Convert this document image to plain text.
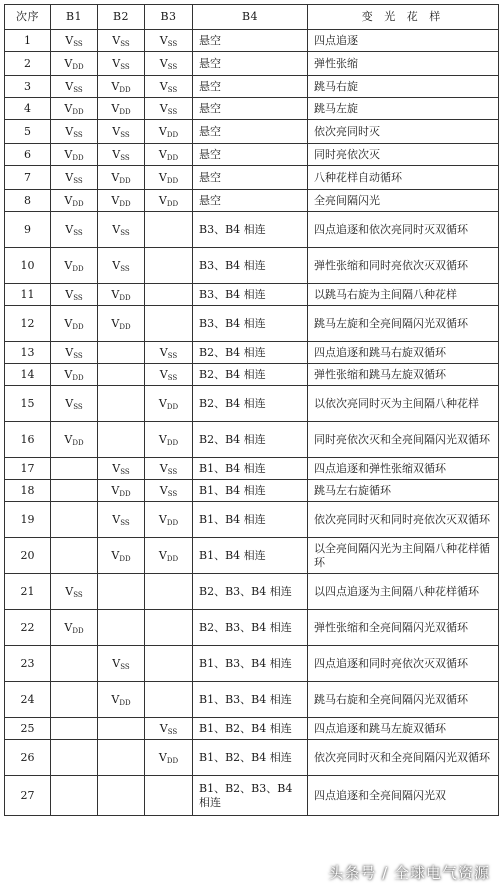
次序	B1	B2	B3	B4	变 光 花 样
1	$V_{SS}$	$V_{SS}$	$V_{SS}$	悬空	四点追逐
2	$V_{DD}$	$V_{SS}$	$V_{SS}$	悬空	弹性张缩
3	$V_{SS}$	$V_{DD}$	$V_{SS}$	悬空	跳马右旋
4	$V_{DD}$	$V_{DD}$	$V_{SS}$	悬空	跳马左旋
5	$V_{SS}$	$V_{SS}$	$V_{DD}$	悬空	依次亮同时灭
6	$V_{DD}$	$V_{SS}$	$V_{DD}$	悬空	同时亮依次灭
7	$V_{SS}$	$V_{DD}$	$V_{DD}$	悬空	八种花样自动循环
8	$V_{DD}$	$V_{DD}$	$V_{DD}$	悬空	全亮间隔闪光
9	$V_{SS}$	$V_{SS}$		B3、B4 相连	四点追逐和依次亮同时灭双循环
10	$V_{DD}$	$V_{SS}$		B3、B4 相连	弹性张缩和同时亮依次灭双循环
11	$V_{SS}$	$V_{DD}$		B3、B4 相连	以跳马右旋为主间隔八种花样
12	$V_{DD}$	$V_{DD}$		B3、B4 相连	跳马左旋和全亮间隔闪光双循环
13	$V_{SS}$		$V_{SS}$	B2、B4 相连	四点追逐和跳马右旋双循环
14	$V_{DD}$		$V_{SS}$	B2、B4 相连	弹性张缩和跳马左旋双循环
15	$V_{SS}$		$V_{DD}$	B2、B4 相连	以依次亮同时灭为主间隔八种花样
16	$V_{DD}$		$V_{DD}$	B2、B4 相连	同时亮依次灭和全亮间隔闪光双循环
17		$V_{SS}$	$V_{SS}$	B1、B4 相连	四点追逐和弹性张缩双循环
18		$V_{DD}$	$V_{SS}$	B1、B4 相连	跳马左右旋循环
19		$V_{SS}$	$V_{DD}$	B1、B4 相连	依次亮同时灭和同时亮依次灭双循环
20		$V_{DD}$	$V_{DD}$	B1、B4 相连	以全亮间隔闪光为主间隔八种花样循环
21	$V_{SS}$			B2、B3、B4 相连	以四点追逐为主间隔八种花样循环
22	$V_{DD}$			B2、B3、B4 相连	弹性张缩和全亮间隔闪光双循环
23		$V_{SS}$		B1、B3、B4 相连	四点追逐和同时亮依次灭双循环
24		$V_{DD}$		B1、B3、B4 相连	跳马右旋和全亮间隔闪光双循环
25			$V_{SS}$	B1、B2、B4 相连	四点追逐和跳马左旋双循环
26			$V_{DD}$	B1、B2、B4 相连	依次亮同时灭和全亮间隔闪光双循环
27				B1、B2、B3、B4 相连	四点追逐和全亮间隔闪光双
头条号 / 全球电气资源
